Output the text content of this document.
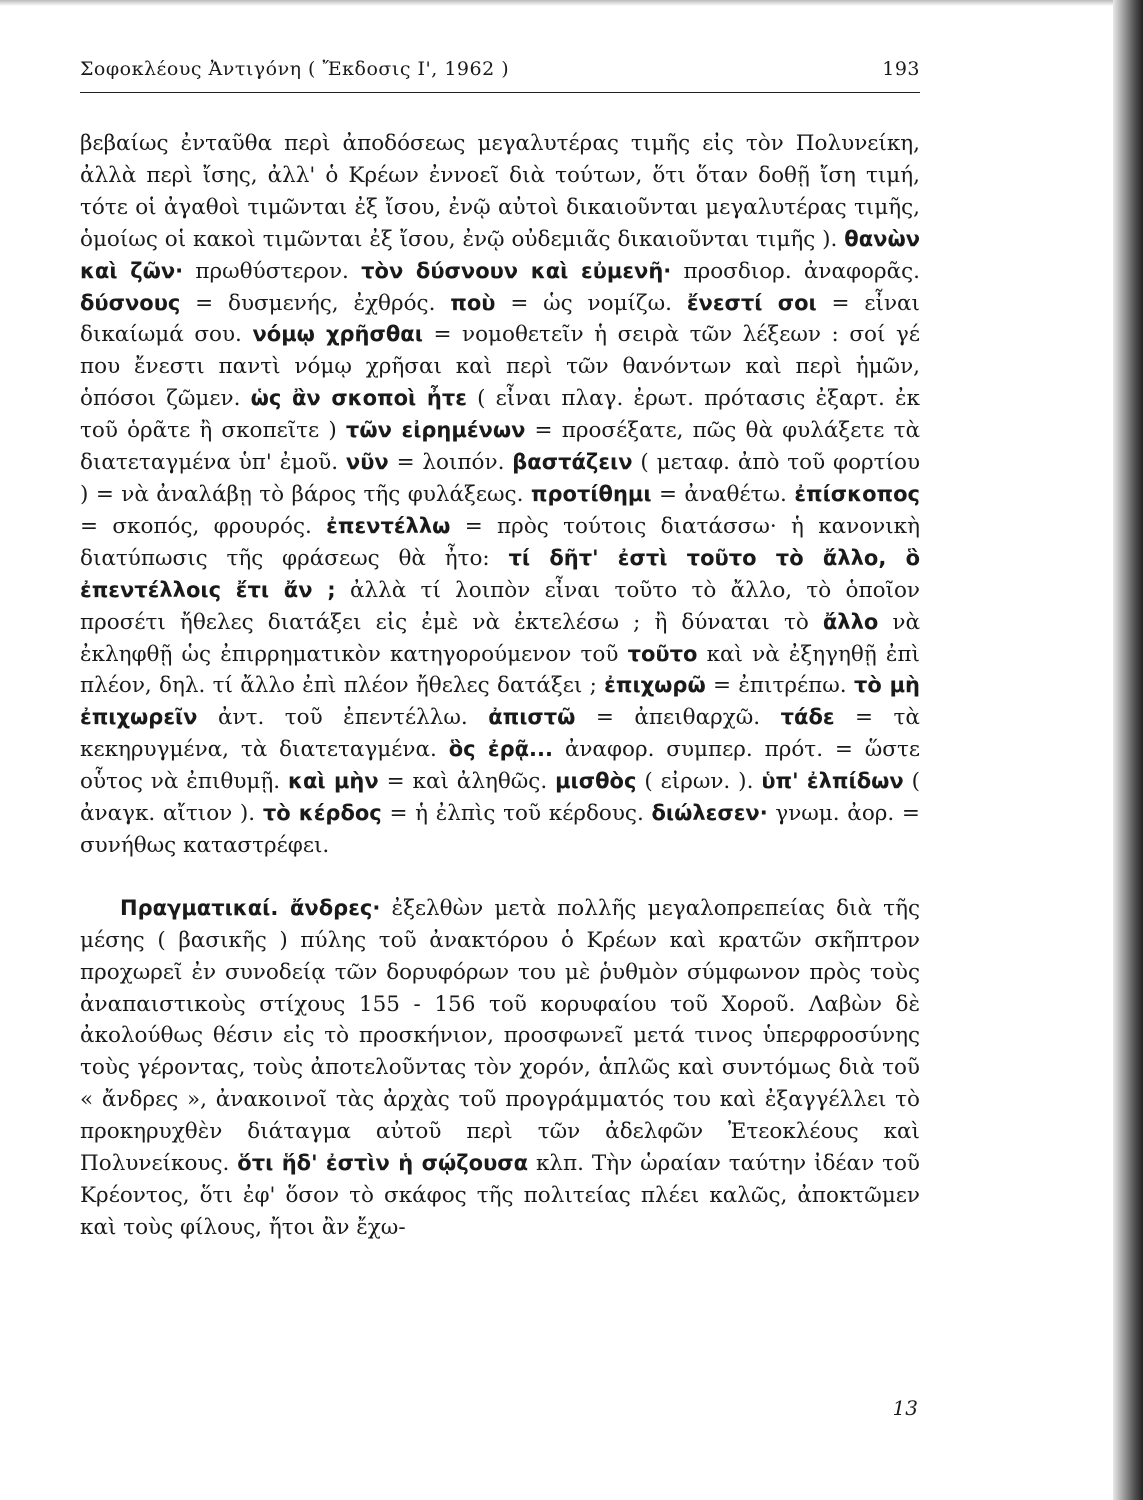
Σοφοκλέους Ἀντιγόνη ( Ἔκδοσις Ι', 1962 )	193

βεβαίως ἐνταῦθα περὶ ἀποδόσεως μεγαλυτέρας τιμῆς εἰς τὸν Πολυνείκη, ἀλλὰ περὶ ἴσης, ἀλλ' ὁ Κρέων ἐννοεῖ διὰ τούτων, ὅτι ὅταν δοθῇ ἴση τιμή, τότε οἱ ἀγαθοὶ τιμῶνται ἐξ ἴσου, ἐνῷ αὐτοὶ δικαιοῦνται μεγαλυτέρας τιμῆς, ὁμοίως οἱ κακοὶ τιμῶνται ἐξ ἴσου, ἐνῷ οὐδεμιᾶς δικαιοῦνται τιμῆς ). θανὼν καὶ ζῶν· πρωθύστερον. τὸν δύσνουν καὶ εὐμενῆ· προσδιορ. ἀναφορᾶς. δύσνους = δυσμενής, ἐχθρός. ποὺ = ὡς νομίζω. ἔνεστί σοι = εἶναι δικαίωμά σου. νόμῳ χρῆσθαι = νομοθετεῖν ἡ σειρὰ τῶν λέξεων : σοί γέ που ἔνεστι παντὶ νόμῳ χρῆσαι καὶ περὶ τῶν θανόντων καὶ περὶ ἡμῶν, ὁπόσοι ζῶμεν. ὡς ἂν σκοποὶ ἦτε ( εἶναι πλαγ. ἐρωτ. πρότασις ἐξαρτ. ἐκ τοῦ ὁρᾶτε ἢ σκοπεῖτε ) τῶν εἰρημένων = προσέξατε, πῶς θὰ φυλάξετε τὰ διατεταγμένα ὑπ' ἐμοῦ. νῦν = λοιπόν. βαστάζειν ( μεταφ. ἀπὸ τοῦ φορτίου ) = νὰ ἀναλάβῃ τὸ βάρος τῆς φυλάξεως. προτίθημι = ἀναθέτω. ἐπίσκοπος = σκοπός, φρουρός. ἐπεντέλλω = πρὸς τούτοις διατάσσω· ἡ κανονικὴ διατύπωσις τῆς φράσεως θὰ ἦτο: τί δῆτ' ἐστὶ τοῦτο τὸ ἄλλο, ὃ ἐπεντέλλοις ἔτι ἄν ; ἀλλὰ τί λοιπὸν εἶναι τοῦτο τὸ ἄλλο, τὸ ὁποῖον προσέτι ἤθελες διατάξει εἰς ἐμὲ νὰ ἐκτελέσω ; ἢ δύναται τὸ ἄλλο νὰ ἐκληφθῇ ὡς ἐπιρρηματικὸν κατηγορούμενον τοῦ τοῦτο καὶ νὰ ἐξηγηθῇ ἐπὶ πλέον, δηλ. τί ἄλλο ἐπὶ πλέον ἤθελες δατάξει ; ἐπιχωρῶ = ἐπιτρέπω. τὸ μὴ ἐπιχωρεῖν ἀντ. τοῦ ἐπεντέλλω. ἀπιστῶ = ἀπειθαρχῶ. τάδε = τὰ κεκηρυγμένα, τὰ διατεταγμένα. ὃς ἐρᾷ... ἀναφορ. συμπερ. πρότ. = ὥστε οὗτος νὰ ἐπιθυμῇ. καὶ μὴν = καὶ ἀληθῶς. μισθὸς ( εἰρων. ). ὑπ' ἐλπίδων ( ἀναγκ. αἴτιον ). τὸ κέρδος = ἡ ἐλπὶς τοῦ κέρδους. διώλεσεν· γνωμ. ἀορ. = συνήθως καταστρέφει.

Πραγματικαί. ἄνδρες· ἐξελθὼν μετὰ πολλῆς μεγαλοπρεπείας διὰ τῆς μέσης ( βασικῆς ) πύλης τοῦ ἀνακτόρου ὁ Κρέων καὶ κρατῶν σκῆπτρον προχωρεῖ ἐν συνοδείᾳ τῶν δορυφόρων του μὲ ῥυθμὸν σύμφωνον πρὸς τοὺς ἀναπαιστικοὺς στίχους 155 - 156 τοῦ κορυφαίου τοῦ Χοροῦ. Λαβὼν δὲ ἀκολούθως θέσιν εἰς τὸ προσκήνιον, προσφωνεῖ μετά τινος ὑπερφροσύνης τοὺς γέροντας, τοὺς ἀποτελοῦντας τὸν χορόν, ἁπλῶς καὶ συντόμως διὰ τοῦ « ἄνδρες », ἀνακοινοῖ τὰς ἀρχὰς τοῦ προγράμματός του καὶ ἐξαγγέλλει τὸ προκηρυχθὲν διάταγμα αὐτοῦ περὶ τῶν ἀδελφῶν Ἐτεοκλέους καὶ Πολυνείκους. ὅτι ἥδ' ἐστὶν ἡ σῴζουσα κλπ. Τὴν ὡραίαν ταύτην ἰδέαν τοῦ Κρέοντος, ὅτι ἐφ' ὅσον τὸ σκάφος τῆς πολιτείας πλέει καλῶς, ἀποκτῶμεν καὶ τοὺς φίλους, ἤτοι ἂν ἔχω-

13
